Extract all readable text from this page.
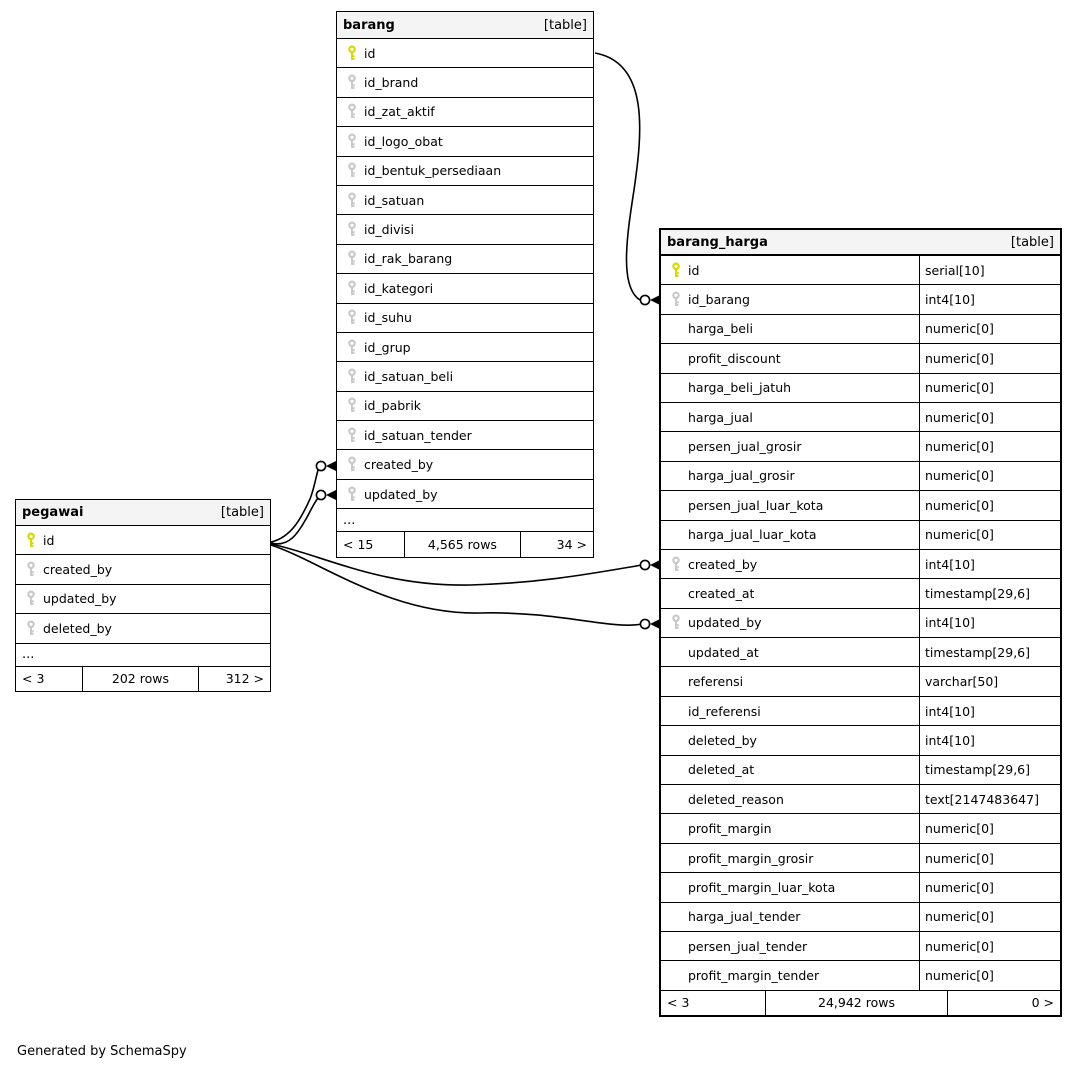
barang	[table]
id
id_brand
id_zat_aktif
id_logo_obat
id_bentuk_persediaan
id_satuan
id_divisi
id_rak_barang
id_kategori
id_suhu
id_grup
id_satuan_beli
id_pabrik
id_satuan_tender
created_by
updated_by
...
< 15	4,565 rows	34 >
barang_harga	[table]
id	serial[10]
id_barang	int4[10]
harga_beli	numeric[0]
profit_discount	numeric[0]
harga_beli_jatuh	numeric[0]
harga_jual	numeric[0]
persen_jual_grosir	numeric[0]
harga_jual_grosir	numeric[0]
persen_jual_luar_kota	numeric[0]
harga_jual_luar_kota	numeric[0]
created_by	int4[10]
created_at	timestamp[29,6]
updated_by	int4[10]
updated_at	timestamp[29,6]
referensi	varchar[50]
id_referensi	int4[10]
deleted_by	int4[10]
deleted_at	timestamp[29,6]
deleted_reason	text[2147483647]
profit_margin	numeric[0]
profit_margin_grosir	numeric[0]
profit_margin_luar_kota	numeric[0]
harga_jual_tender	numeric[0]
persen_jual_tender	numeric[0]
profit_margin_tender	numeric[0]
< 3	24,942 rows	0 >
pegawai	[table]
id
created_by
updated_by
deleted_by
...
< 3	202 rows	312 >
Generated by SchemaSpy
